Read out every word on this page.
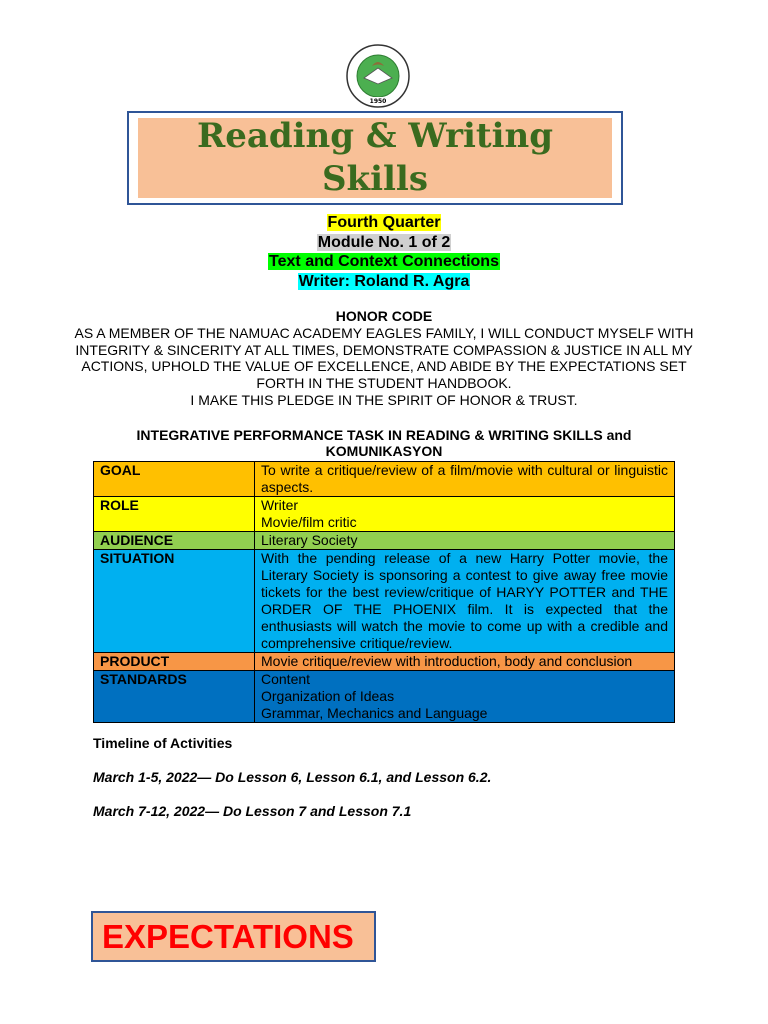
1950
Reading & Writing
Skills
Fourth Quarter
Module No. 1 of 2
Text and Context Connections
Writer: Roland R. Agra
HONOR CODE
AS A MEMBER OF THE NAMUAC ACADEMY EAGLES FAMILY, I WILL CONDUCT MYSELF WITH INTEGRITY & SINCERITY AT ALL TIMES, DEMONSTRATE COMPASSION & JUSTICE IN ALL MY ACTIONS, UPHOLD THE VALUE OF EXCELLENCE, AND ABIDE BY THE EXPECTATIONS SET FORTH IN THE STUDENT HANDBOOK.
I MAKE THIS PLEDGE IN THE SPIRIT OF HONOR & TRUST.
INTEGRATIVE PERFORMANCE TASK IN READING & WRITING SKILLS and KOMUNIKASYON
GOAL	To write a critique/review of a film/movie with cultural or linguistic aspects.
ROLE	Writer
Movie/film critic

AUDIENCE	Literary Society
SITUATION	With the pending release of a new Harry Potter movie, the Literary Society is sponsoring a contest to give away free movie tickets for the best review/critique of HARYY POTTER and THE ORDER OF THE PHOENIX film. It is expected that the enthusiasts will watch the movie to come up with a credible and comprehensive critique/review.
PRODUCT	Movie critique/review with introduction, body and conclusion
STANDARDS	Content
Organization of Ideas
Grammar, Mechanics and Language
Timeline of Activities
March 1-5, 2022— Do Lesson 6, Lesson 6.1, and Lesson 6.2.
March 7-12, 2022— Do Lesson 7 and Lesson 7.1
EXPECTATIONS
